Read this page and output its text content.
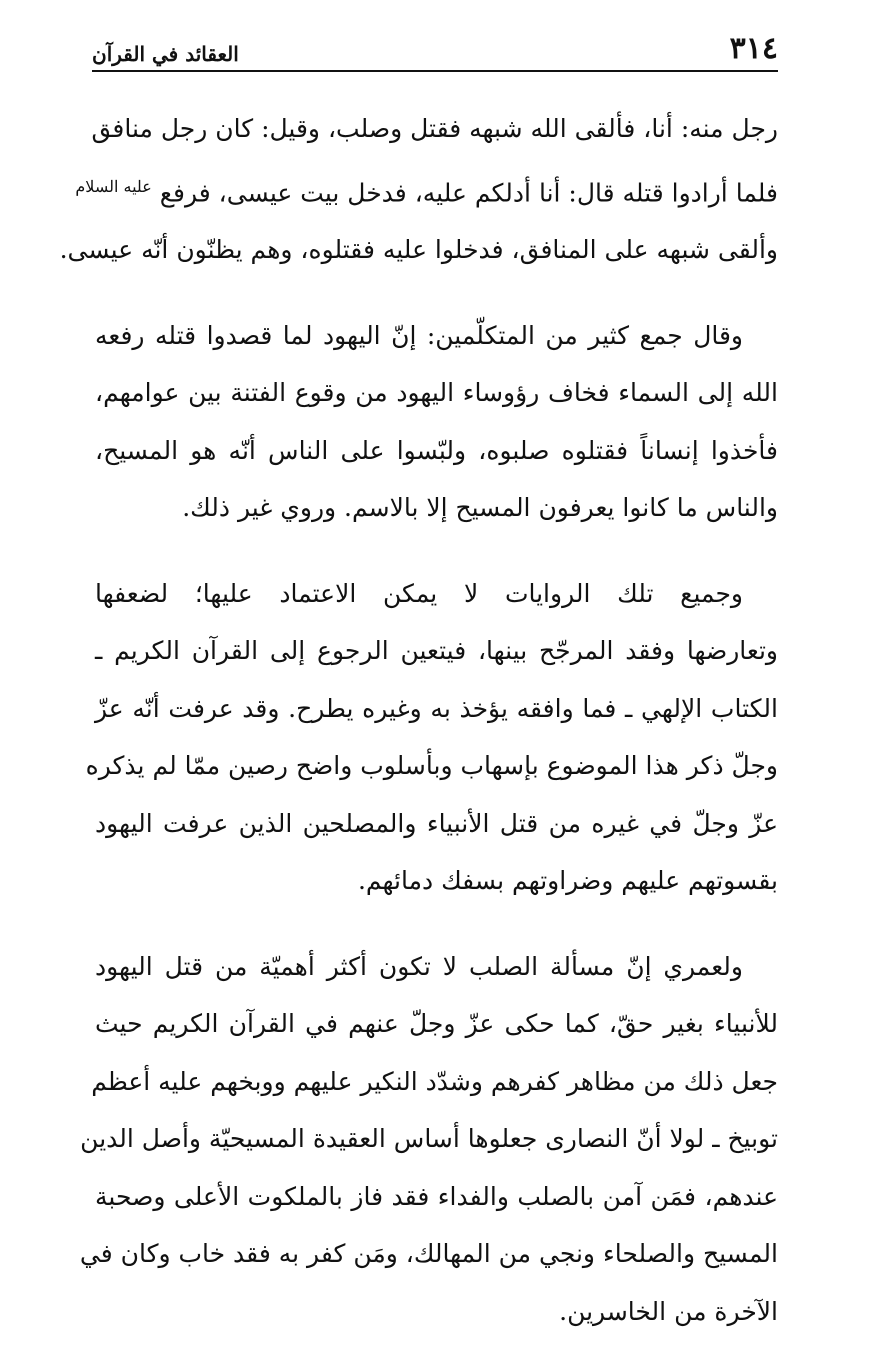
٣١٤
العقائد في القرآن

رجل منه: أنا، فألقى الله شبهه فقتل وصلب، وقيل: كان رجل منافق
فلما أرادوا قتله قال: أنا أدلكم عليه، فدخل بيت عيسى، فرفع $^{عليه السلام}$
وألقى شبهه على المنافق، فدخلوا عليه فقتلوه، وهم يظنّون أنّه عيسى.

وقال جمع كثير من المتكلّمين: إنّ اليهود لما قصدوا قتله رفعه
الله إلى السماء فخاف رؤوساء اليهود من وقوع الفتنة بين عوامهم،
فأخذوا إنساناً فقتلوه صلبوه، ولبّسوا على الناس أنّه هو المسيح،
والناس ما كانوا يعرفون المسيح إلا بالاسم. وروي غير ذلك.

وجميع تلك الروايات لا يمكن الاعتماد عليها؛ لضعفها
وتعارضها وفقد المرجّح بينها، فيتعين الرجوع إلى القرآن الكريم ـ
الكتاب الإلهي ـ فما وافقه يؤخذ به وغيره يطرح. وقد عرفت أنّه عزّ
وجلّ ذكر هذا الموضوع بإسهاب وبأسلوب واضح رصين ممّا لم يذكره
عزّ وجلّ في غيره من قتل الأنبياء والمصلحين الذين عرفت اليهود
بقسوتهم عليهم وضراوتهم بسفك دمائهم.

ولعمري إنّ مسألة الصلب لا تكون أكثر أهميّة من قتل اليهود
للأنبياء بغير حقّ، كما حكى عزّ وجلّ عنهم في القرآن الكريم حيث
جعل ذلك من مظاهر كفرهم وشدّد النكير عليهم ووبخهم عليه أعظم
توبيخ ـ لولا أنّ النصارى جعلوها أساس العقيدة المسيحيّة وأصل الدين
عندهم، فمَن آمن بالصلب والفداء فقد فاز بالملكوت الأعلى وصحبة
المسيح والصلحاء ونجي من المهالك، ومَن كفر به فقد خاب وكان في
الآخرة من الخاسرين.
